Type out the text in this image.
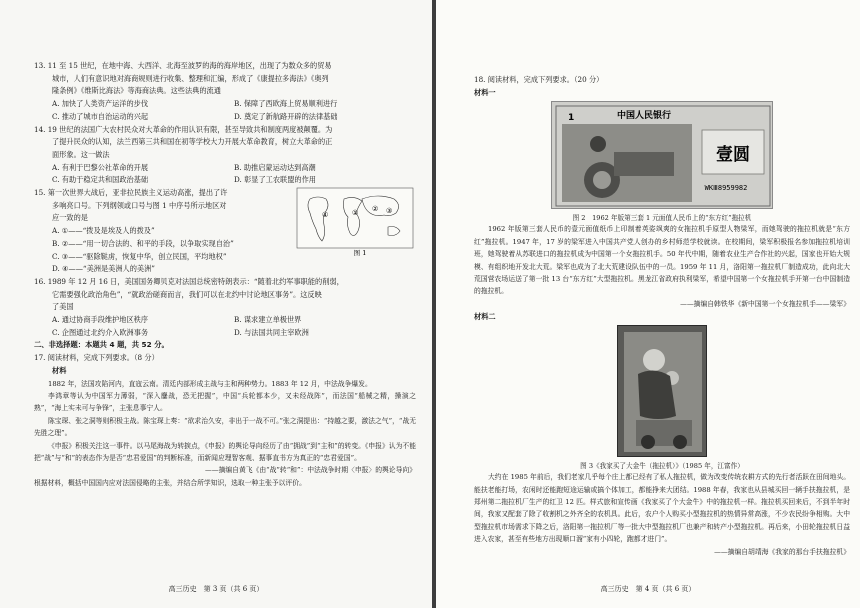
13. 11 至 15 世纪，在地中海、大西洋、北海至波罗的海的海岸地区，出现了为数众多的贸易
城市，人们有意识地对海商规则进行收集、整理和汇编，形成了《康提拉多海法》《奥列
隆条例》《维斯比海法》等海商法典。这些法典的流通
A. 加快了人类资产运洋的步伐	B. 保障了西欧海上贸易顺利进行
C. 推动了城市自治运动的兴起	D. 奠定了新航路开辟的法律基础
14. 19 世纪的法国广大农村民众对大革命的作用认识有限，甚至导致共和制度两度被颠覆。为
了提升民众的认知，法兰西第三共和国在初等学校大力开展大革命教育，树立大革命的正
面形象。这一做法
A. 有利于巴黎公社革命的开展	B. 助推启蒙运动达到高潮
C. 有助于稳定共和国政治基础	D. 彰显了工农联盟的作用
15. 第一次世界大战后，亚非拉民族主义运动高涨，提出了许
多响亮口号。下列纲领或口号与图 1 中序号所示地区对
应一致的是
A. ①——“拨及是埃及人的拨及”
B. ②——“用一切合法的、和平的手段，以争取实现自治”
C. ③——“驱除鞑虏，恢复中华，创立民国，平均地权”
D. ④——“美洲是美洲人的美洲”
④	① ② ③
图 1
16. 1989 年 12 月 16 日，美国国务卿贝克对法国总统密特朗表示：“随着北约军事职能的削弱，
它需要强化政治角色”，“就政治磋商而言，我们可以在北约中讨论地区事务”。这反映
了美国
A. 通过协商手段维护地区秩序	B. 谋求建立单极世界
C. 企图通过北约介入欧洲事务	D. 与法国共同主宰欧洲
二、非选择题：本题共 4 题，共 52 分。
17. 阅读材料，完成下列要求。（8 分）
材料
1882 年，法国攻陷河内，直寇云南。清廷内部形成主战与主和两种势力。1883 年 12 月，中法战争爆发。
李鸿章等认为中国军力薄弱，“深入鏖战，恐无把握”，中国“兵轮都本少，又未经战阵”，而法国“船械之精，操演之熟”，“海上实未可与争锋”，主张息事宁人。
陈宝琛、张之洞等则积极主战。陈宝琛上奏：“欲求治久安，非出于一战不可。”张之洞提出：“持越之要，激法之气”，“战无先胜之理”。
《申报》积极关注这一事件。以马尾海战为转捩点，《申报》的舆论导向经历了由“拥战”到“主和”的转变。《申报》认为不能把“战”与“和”的表态作为是否“忠君爱国”的判断标准，而新闻应理智客观、据事直书方为真正的“忠君爱国”。
——摘编自黄飞《由“战”转“和”：中法战争时期〈申报〉的舆论导向》
根据材料，概括中国国内应对法国侵略的主张，并结合所学知识，选取一种主张予以评价。
高三历史　第 3 页（共 6 页）
18. 阅读材料，完成下列要求。（20 分）
材料一
中国人民银行
壹圆
WKⅢ8959982
1
图 2　1962 年版第三套 1 元面值人民币上的“东方红”拖拉机
1962 年版第三套人民币的壹元面值纸币上印制着英姿飒爽的女拖拉机手原型人物梁军，而她驾驶的拖拉机就是“东方红”拖拉机。1947 年，17 岁的梁军进入中国共产党人创办的乡村师范学校就读。在校期间，梁军积极报名参加拖拉机培训班，她驾驶着从苏联进口的拖拉机成为中国第一个女拖拉机手。50 年代中期，随着农业生产合作社的兴起，国家也开始大规模、有组织地开发北大荒。梁军也成为了北大荒建设队伍中的一员。1959 年 11 月，洛阳第一拖拉机厂制造成功，此向北大荒国营农场运送了第一批 13 台“东方红”大型拖拉机。黑龙江省政府执利梁军，希望中国第一个女拖拉机手开第一台中国制造的拖拉机。
——摘编自韩铁华《新中国第一个女拖拉机手——梁军》
材料二
图 3《我家买了大金牛（拖拉机）》（1985 年，江富作）
大约在 1985 年前后，我们老家几乎每个庄上都已经有了私人拖拉机，做为改变传统农耕方式的先行者活跃在田间地头。能扶老能打场，农闲时还能跑短途运输或搞个体加工，都能挣来大团结。1988 年春，我家也从县城买回一辆手扶拖拉机，是郑州第二拖拉机厂生产的红卫 12 匹。样式旅和宣传画《我家买了个大金牛》中的拖拉机一样。拖拉机买回来后，不到半年时间，我家又配套了除了收割机之外齐全的农机具。此后，农户个人购买小型拖拉机的热情异常高涨，不少农民纷争相购。大中型拖拉机市场需求下降之后，洛阳第一拖拉机厂等一批大中型拖拉机厂也兼产和转产小型拖拉机。再后来，小田轮拖拉机日益进入农家，甚至有些地方出现顺口溜“家有小四轮，跑都才进门”。
——摘编自胡靖海《我家的那台手扶拖拉机》
高三历史　第 4 页（共 6 页）
